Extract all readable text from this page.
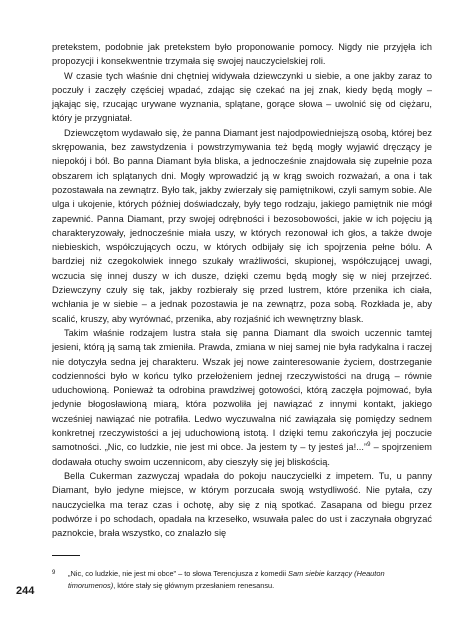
pretekstem, podobnie jak pretekstem było proponowanie pomocy. Nigdy nie przyjęła ich propozycji i konsekwentnie trzymała się swojej nauczycielskiej roli.

W czasie tych właśnie dni chętniej widywała dziewczynki u siebie, a one jakby zaraz to poczuły i zaczęły częściej wpadać, zdając się czekać na jej znak, kiedy będą mogły – jąkając się, rzucając urywane wyznania, splątane, gorące słowa – uwolnić się od ciężaru, który je przygniatał.

Dziewczętom wydawało się, że panna Diamant jest najodpowiedniejszą osobą, której bez skrępowania, bez zawstydzenia i powstrzymywania też będą mogły wyjawić dręczący je niepokój i ból. Bo panna Diamant była bliska, a jednocześnie znajdowała się zupełnie poza obszarem ich splątanych dni. Mogły wprowadzić ją w krąg swoich rozważań, a ona i tak pozostawała na zewnątrz. Było tak, jakby zwierzały się pamiętnikowi, czyli samym sobie. Ale ulga i ukojenie, których później doświadczały, były tego rodzaju, jakiego pamiętnik nie mógł zapewnić. Panna Diamant, przy swojej odrębności i bezosobowości, jakie w ich pojęciu ją charakteryzowały, jednocześnie miała uszy, w których rezonował ich głos, a także dwoje niebieskich, współczujących oczu, w których odbijały się ich spojrzenia pełne bólu. A bardziej niż czegokolwiek innego szukały wrażliwości, skupionej, współczującej uwagi, wczucia się innej duszy w ich dusze, dzięki czemu będą mogły się w niej przejrzeć. Dziewczyny czuły się tak, jakby rozbierały się przed lustrem, które przenika ich ciała, wchłania je w siebie – a jednak pozostawia je na zewnątrz, poza sobą. Rozkłada je, aby scalić, kruszy, aby wyrównać, przenika, aby rozjaśnić ich wewnętrzny blask.

Takim właśnie rodzajem lustra stała się panna Diamant dla swoich uczennic tamtej jesieni, którą ją samą tak zmieniła. Prawda, zmiana w niej samej nie była radykalna i raczej nie dotyczyła sedna jej charakteru. Wszak jej nowe zainteresowanie życiem, dostrzeganie codzienności było w końcu tylko przełożeniem jednej rzeczywistości na drugą – równie uduchowioną. Ponieważ ta odrobina prawdziwej gotowości, którą zaczęła pojmować, była jedynie błogosławioną miarą, która pozwoliła jej nawiązać z innymi kontakt, jakiego wcześniej nawiązać nie potrafiła. Ledwo wyczuwalna nić zawiązała się pomiędzy sednem konkretnej rzeczywistości a jej uduchowioną istotą. I dzięki temu zakończyła jej poczucie samotności. „Nic, co ludzkie, nie jest mi obce. Ja jestem ty – ty jesteś ja!...”$^9$ – spojrzeniem dodawała otuchy swoim uczennicom, aby cieszyły się jej bliskością.

Bella Cukerman zazwyczaj wpadała do pokoju nauczycielki z impetem. Tu, u panny Diamant, było jedyne miejsce, w którym porzucała swoją wstydliwość. Nie pytała, czy nauczycielka ma teraz czas i ochotę, aby się z nią spotkać. Zasapana od biegu przez podwórze i po schodach, opadała na krzesełko, wsuwała palec do ust i zaczynała obgryzać paznokcie, brała wszystko, co znalazło się

9 „Nic, co ludzkie, nie jest mi obce” – to słowa Terencjusza z komedii Sam siebie karzący (Heauton timorumenos), które stały się głównym przesłaniem renesansu.
244
